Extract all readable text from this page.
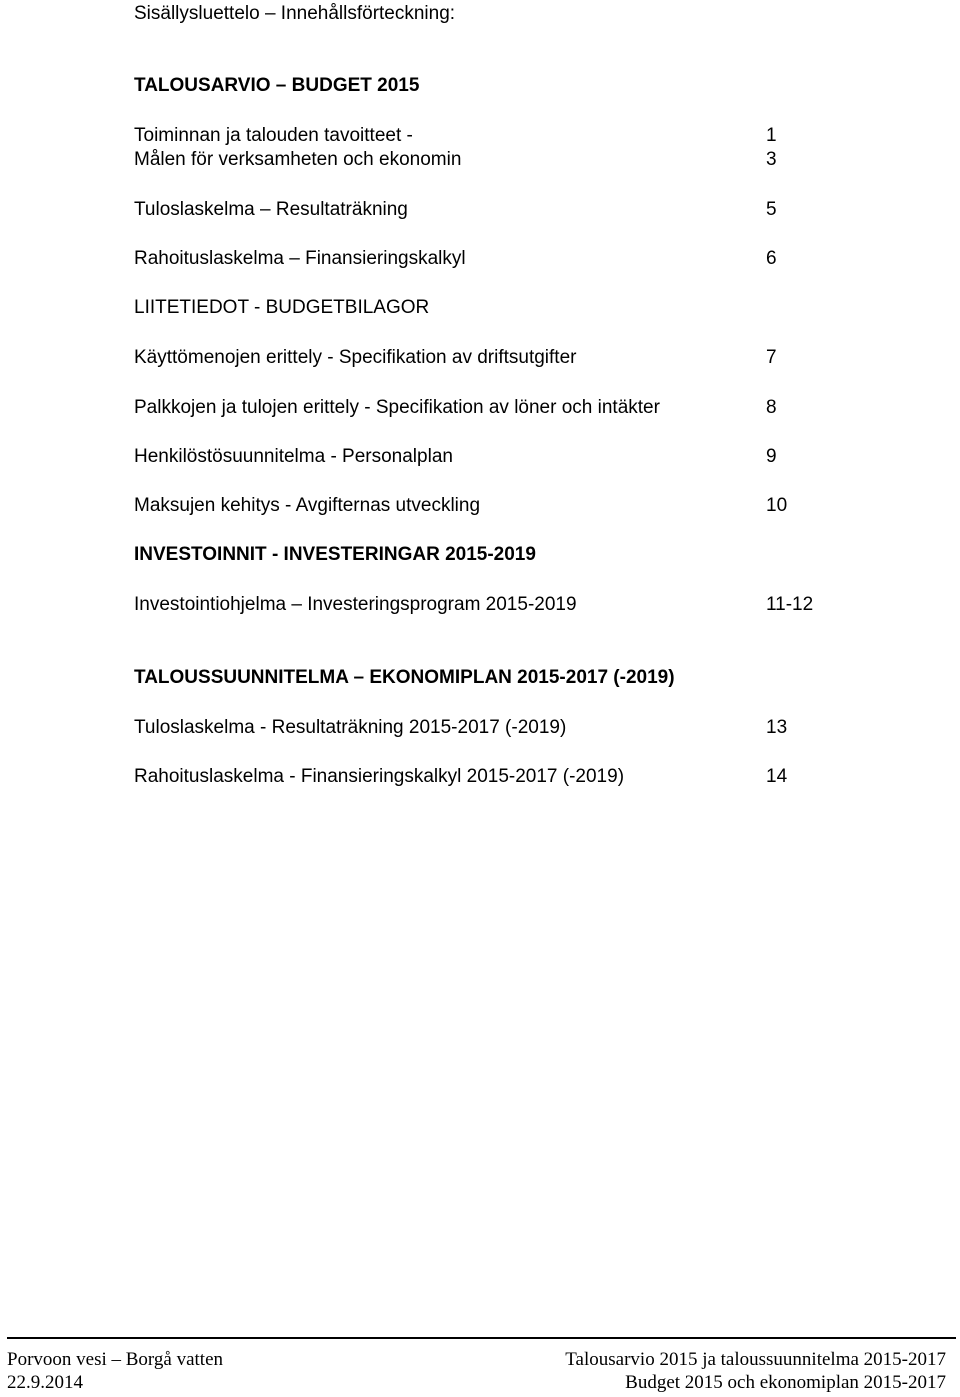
Sisällysluettelo – Innehållsförteckning:
TALOUSARVIO – BUDGET 2015
Toiminnan ja talouden tavoitteet -	1
Målen för verksamheten och ekonomin	3
Tuloslaskelma – Resultaträkning	5
Rahoituslaskelma – Finansieringskalkyl	6
LIITETIEDOT - BUDGETBILAGOR
Käyttömenojen erittely - Specifikation av driftsutgifter	7
Palkkojen ja tulojen erittely - Specifikation av löner och intäkter	8
Henkilöstösuunnitelma - Personalplan	9
Maksujen kehitys - Avgifternas utveckling	10
INVESTOINNIT - INVESTERINGAR 2015-2019
Investointiohjelma – Investeringsprogram 2015-2019	11-12
TALOUSSUUNNITELMA – EKONOMIPLAN 2015-2017 (-2019)
Tuloslaskelma - Resultaträkning 2015-2017 (-2019)	13
Rahoituslaskelma - Finansieringskalkyl 2015-2017 (-2019)	14
Porvoon vesi – Borgå vatten	Talousarvio 2015 ja taloussuunnitelma 2015-2017
22.9.2014	Budget 2015 och ekonomiplan 2015-2017
